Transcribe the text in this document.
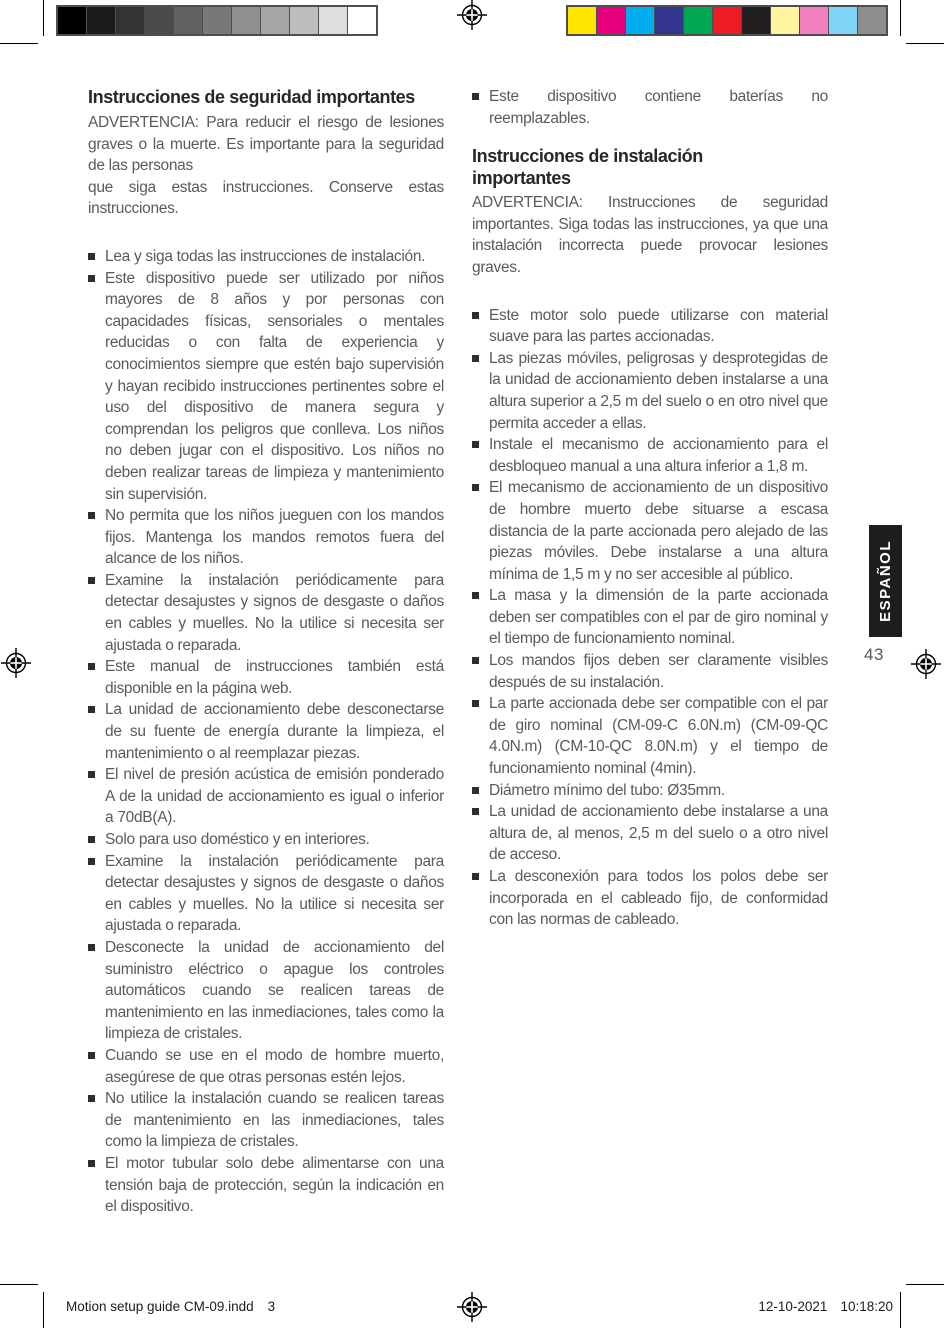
Instrucciones de seguridad importantes

ADVERTENCIA: Para reducir el riesgo de lesiones graves o la muerte. Es importante para la seguridad de las personas

que siga estas instrucciones. Conserve estas instrucciones.

Lea y siga todas las instrucciones de instalación.
Este dispositivo puede ser utilizado por niños mayores de 8 años y por personas con capacidades físicas, sensoriales o mentales reducidas o con falta de experiencia y conocimientos siempre que estén bajo supervisión y hayan recibido instrucciones pertinentes sobre el uso del dispositivo de manera segura y comprendan los peligros que conlleva. Los niños no deben jugar con el dispositivo. Los niños no deben realizar tareas de limpieza y mantenimiento sin supervisión.
No permita que los niños jueguen con los mandos fijos. Mantenga los mandos remotos fuera del alcance de los niños.
Examine la instalación periódicamente para detectar desajustes y signos de desgaste o daños en cables y muelles. No la utilice si necesita ser ajustada o reparada.
Este manual de instrucciones también está disponible en la página web.
La unidad de accionamiento debe desconectarse de su fuente de energía durante la limpieza, el mantenimiento o al reemplazar piezas.
El nivel de presión acústica de emisión ponderado A de la unidad de accionamiento es igual o inferior a 70dB(A).
Solo para uso doméstico y en interiores.
Examine la instalación periódicamente para detectar desajustes y signos de desgaste o daños en cables y muelles. No la utilice si necesita ser ajustada o reparada.
Desconecte la unidad de accionamiento del suministro eléctrico o apague los controles automáticos cuando se realicen tareas de mantenimiento en las inmediaciones, tales como la limpieza de cristales.
Cuando se use en el modo de hombre muerto, asegúrese de que otras personas estén lejos.
No utilice la instalación cuando se realicen tareas de mantenimiento en las inmediaciones, tales como la limpieza de cristales.
El motor tubular solo debe alimentarse con una tensión baja de protección, según la indicación en el dispositivo.
Este dispositivo contiene baterías no reemplazables.
Instrucciones de instalación importantes

ADVERTENCIA: Instrucciones de seguridad importantes. Siga todas las instrucciones, ya que una instalación incorrecta puede provocar lesiones graves.

Este motor solo puede utilizarse con material suave para las partes accionadas.
Las piezas móviles, peligrosas y desprotegidas de la unidad de accionamiento deben instalarse a una altura superior a 2,5 m del suelo o en otro nivel que permita acceder a ellas.
Instale el mecanismo de accionamiento para el desbloqueo manual a una altura inferior a 1,8 m.
El mecanismo de accionamiento de un dispositivo de hombre muerto debe situarse a escasa distancia de la parte accionada pero alejado de las piezas móviles. Debe instalarse a una altura mínima de 1,5 m y no ser accesible al público.
La masa y la dimensión de la parte accionada deben ser compatibles con el par de giro nominal y el tiempo de funcionamiento nominal.
Los mandos fijos deben ser claramente visibles después de su instalación.
La parte accionada debe ser compatible con el par de giro nominal (CM-09-C 6.0N.m) (CM-09-QC 4.0N.m) (CM-10-QC 8.0N.m) y el tiempo de funcionamiento nominal (4min).
Diámetro mínimo del tubo: Ø35mm.
La unidad de accionamiento debe instalarse a una altura de, al menos, 2,5 m del suelo o a otro nivel de acceso.
La desconexión para todos los polos debe ser incorporada en el cableado fijo, de conformidad con las normas de cableado.
ESPAÑOL
43
Motion setup guide CM-09.indd 3	12-10-2021 10:18:20
